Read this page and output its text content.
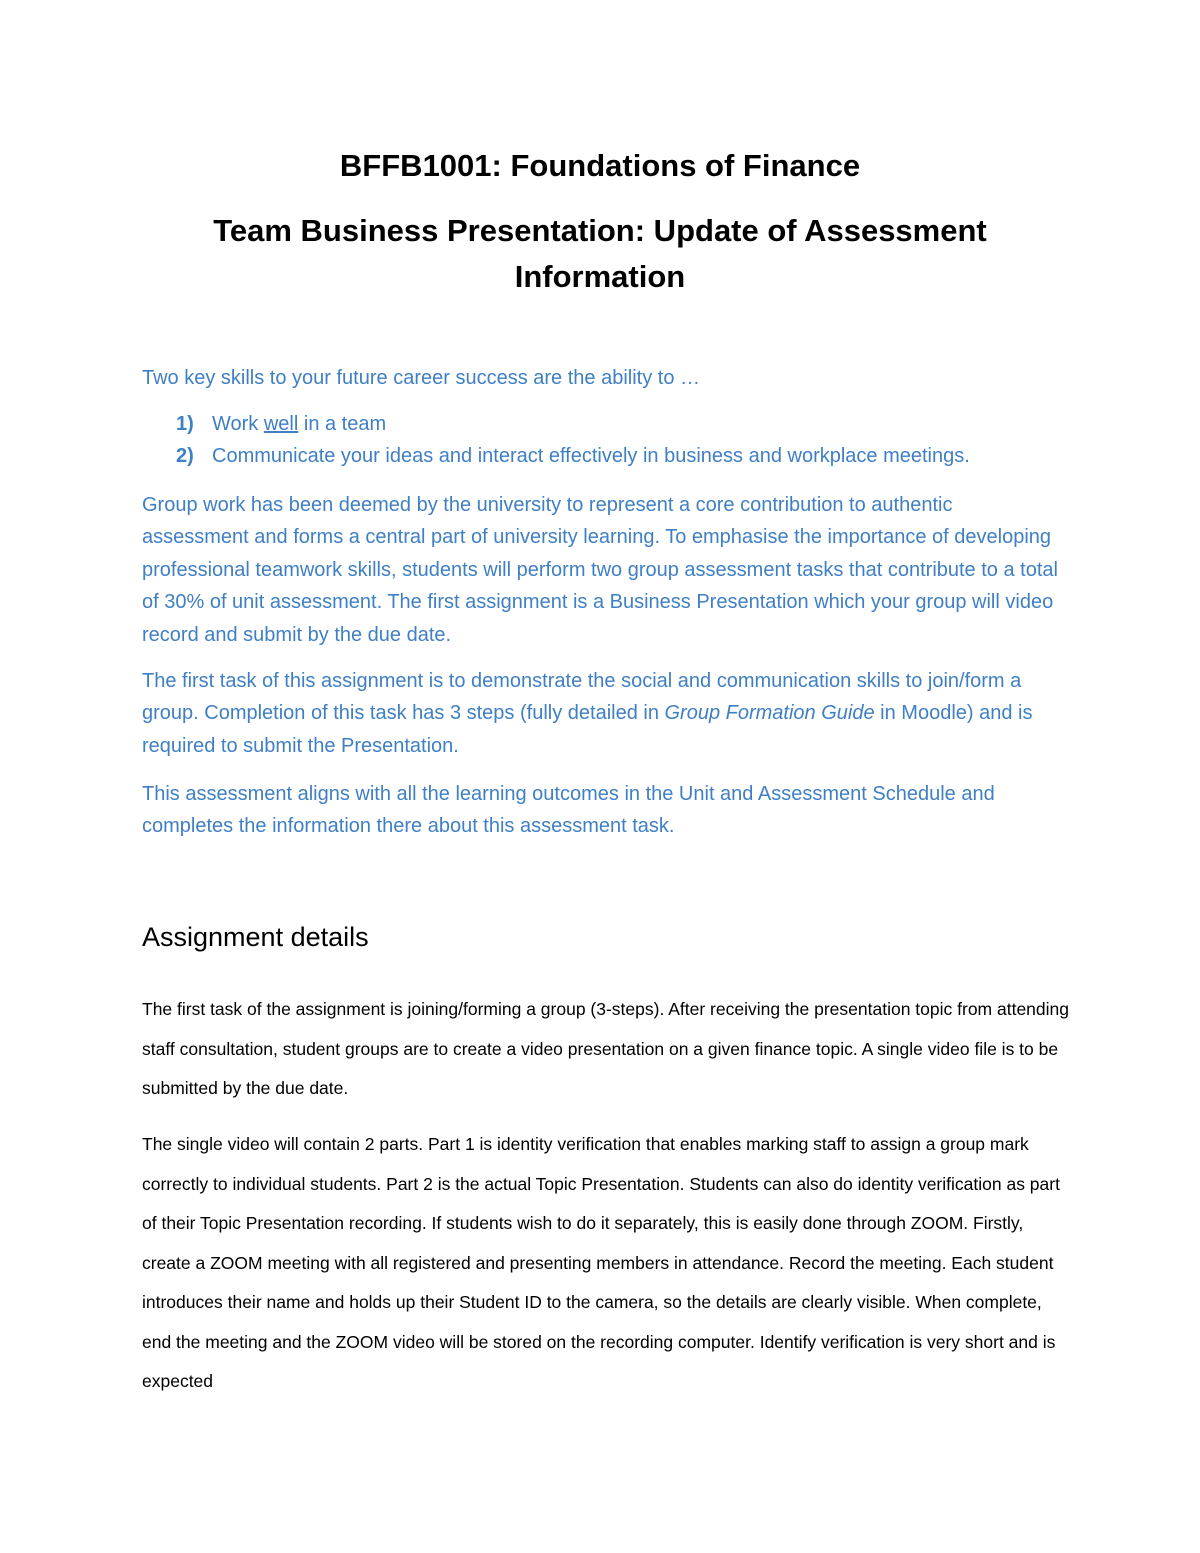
BFFB1001: Foundations of Finance
Team Business Presentation: Update of Assessment Information
Two key skills to your future career success are the ability to …
1) Work well in a team
2) Communicate your ideas and interact effectively in business and workplace meetings.
Group work has been deemed by the university to represent a core contribution to authentic assessment and forms a central part of university learning. To emphasise the importance of developing professional teamwork skills, students will perform two group assessment tasks that contribute to a total of 30% of unit assessment. The first assignment is a Business Presentation which your group will video record and submit by the due date.
The first task of this assignment is to demonstrate the social and communication skills to join/form a group. Completion of this task has 3 steps (fully detailed in Group Formation Guide in Moodle) and is required to submit the Presentation.
This assessment aligns with all the learning outcomes in the Unit and Assessment Schedule and completes the information there about this assessment task.
Assignment details
The first task of the assignment is joining/forming a group (3-steps). After receiving the presentation topic from attending staff consultation, student groups are to create a video presentation on a given finance topic. A single video file is to be submitted by the due date.
The single video will contain 2 parts. Part 1 is identity verification that enables marking staff to assign a group mark correctly to individual students. Part 2 is the actual Topic Presentation. Students can also do identity verification as part of their Topic Presentation recording. If students wish to do it separately, this is easily done through ZOOM. Firstly, create a ZOOM meeting with all registered and presenting members in attendance. Record the meeting. Each student introduces their name and holds up their Student ID to the camera, so the details are clearly visible. When complete, end the meeting and the ZOOM video will be stored on the recording computer. Identify verification is very short and is expected
